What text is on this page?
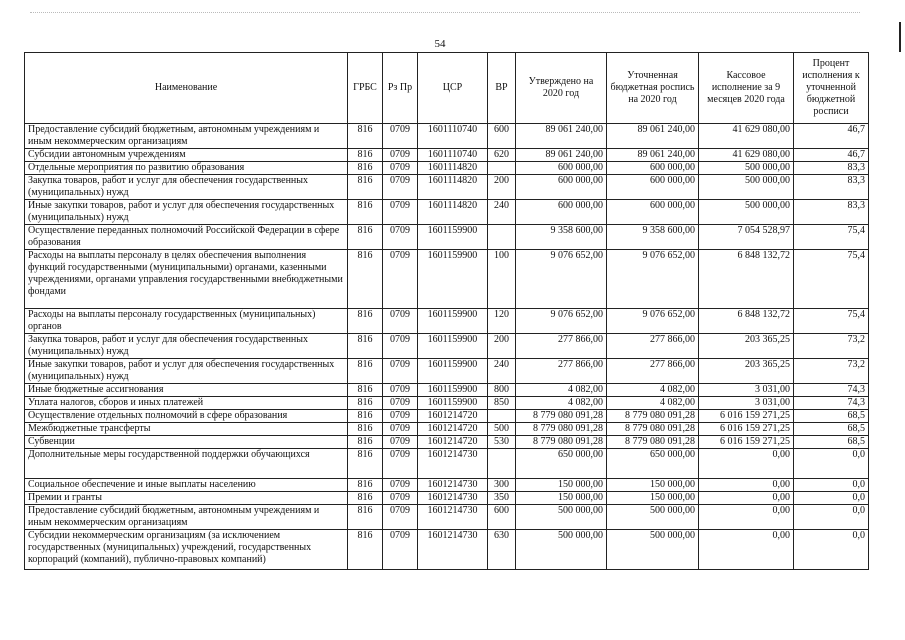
54
Наименование	ГРБС	Рз Пр	ЦСР	ВР	Утверждено на 2020 год	Уточненная бюджетная роспись на 2020 год	Кассовое исполнение за 9 месяцев 2020 года	Процент исполнения к уточненной бюджетной росписи
Предоставление субсидий бюджетным, автономным учреждениям и иным некоммерческим организациям	816	0709	1601110740	600	89 061 240,00	89 061 240,00	41 629 080,00	46,7
Субсидии автономным учреждениям	816	0709	1601110740	620	89 061 240,00	89 061 240,00	41 629 080,00	46,7
Отдельные мероприятия по развитию образования	816	0709	1601114820		600 000,00	600 000,00	500 000,00	83,3
Закупка товаров, работ и услуг для обеспечения государственных (муниципальных) нужд	816	0709	1601114820	200	600 000,00	600 000,00	500 000,00	83,3
Иные закупки товаров, работ и услуг для обеспечения государственных (муниципальных) нужд	816	0709	1601114820	240	600 000,00	600 000,00	500 000,00	83,3
Осуществление переданных полномочий Российской Федерации в сфере образования	816	0709	1601159900		9 358 600,00	9 358 600,00	7 054 528,97	75,4
Расходы на выплаты персоналу в целях обеспечения выполнения функций государственными (муниципальными) органами, казенными учреждениями, органами управления государственными внебюджетными фондами	816	0709	1601159900	100	9 076 652,00	9 076 652,00	6 848 132,72	75,4
Расходы на выплаты персоналу государственных (муниципальных) органов	816	0709	1601159900	120	9 076 652,00	9 076 652,00	6 848 132,72	75,4
Закупка товаров, работ и услуг для обеспечения государственных (муниципальных) нужд	816	0709	1601159900	200	277 866,00	277 866,00	203 365,25	73,2
Иные закупки товаров, работ и услуг для обеспечения государственных (муниципальных) нужд	816	0709	1601159900	240	277 866,00	277 866,00	203 365,25	73,2
Иные бюджетные ассигнования	816	0709	1601159900	800	4 082,00	4 082,00	3 031,00	74,3
Уплата налогов, сборов и иных платежей	816	0709	1601159900	850	4 082,00	4 082,00	3 031,00	74,3
Осуществление отдельных полномочий в сфере образования	816	0709	1601214720		8 779 080 091,28	8 779 080 091,28	6 016 159 271,25	68,5
Межбюджетные трансферты	816	0709	1601214720	500	8 779 080 091,28	8 779 080 091,28	6 016 159 271,25	68,5
Субвенции	816	0709	1601214720	530	8 779 080 091,28	8 779 080 091,28	6 016 159 271,25	68,5
Дополнительные меры государственной поддержки обучающихся	816	0709	1601214730		650 000,00	650 000,00	0,00	0,0
Социальное обеспечение и иные выплаты населению	816	0709	1601214730	300	150 000,00	150 000,00	0,00	0,0
Премии и гранты	816	0709	1601214730	350	150 000,00	150 000,00	0,00	0,0
Предоставление субсидий бюджетным, автономным учреждениям и иным некоммерческим организациям	816	0709	1601214730	600	500 000,00	500 000,00	0,00	0,0
Субсидии некоммерческим организациям (за исключением государственных (муниципальных) учреждений, государственных корпораций (компаний), публично-правовых компаний)	816	0709	1601214730	630	500 000,00	500 000,00	0,00	0,0
